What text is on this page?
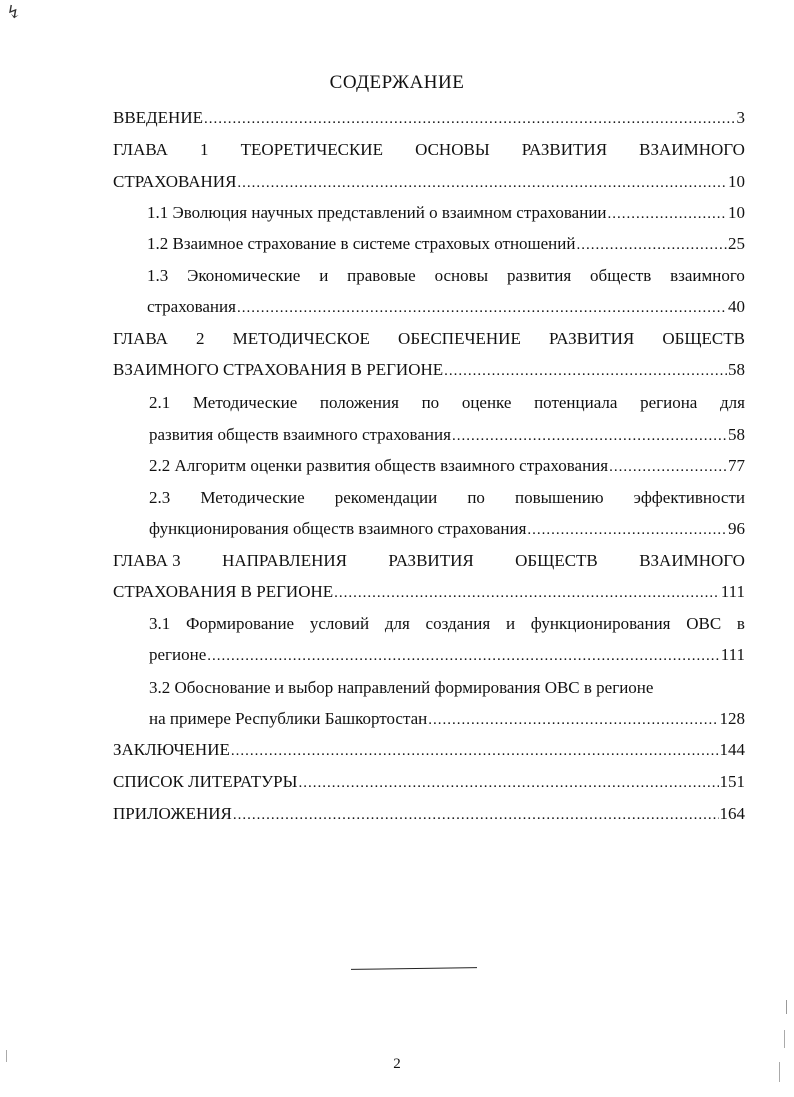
↯
СОДЕРЖАНИЕ
ВВЕДЕНИЕ .....	3
ГЛАВА 1 ТЕОРЕТИЧЕСКИЕ ОСНОВЫ РАЗВИТИЯ ВЗАИМНОГО
СТРАХОВАНИЯ .....	10
1.1 Эволюция научных представлений о взаимном страховании .....	10
1.2 Взаимное страхование в системе страховых отношений .....	25
1.3 Экономические и правовые основы развития обществ взаимного
страхования .....	40
ГЛАВА 2 МЕТОДИЧЕСКОЕ ОБЕСПЕЧЕНИЕ РАЗВИТИЯ ОБЩЕСТВ
ВЗАИМНОГО СТРАХОВАНИЯ В РЕГИОНЕ .....	58
2.1 Методические положения по оценке потенциала региона для
развития обществ взаимного страхования .....	58
2.2 Алгоритм оценки развития обществ взаимного страхования .....	77
2.3 Методические рекомендации по повышению эффективности
функционирования обществ взаимного страхования .....	96
ГЛАВА 3 НАПРАВЛЕНИЯ РАЗВИТИЯ ОБЩЕСТВ ВЗАИМНОГО
СТРАХОВАНИЯ В РЕГИОНЕ .....	111
3.1 Формирование условий для создания и функционирования ОВС в
регионе .....	111
3.2 Обоснование и выбор направлений формирования ОВС в регионе
на примере Республики Башкортостан .....	128
ЗАКЛЮЧЕНИЕ .....	144
СПИСОК ЛИТЕРАТУРЫ .....	151
ПРИЛОЖЕНИЯ .....	164
2
